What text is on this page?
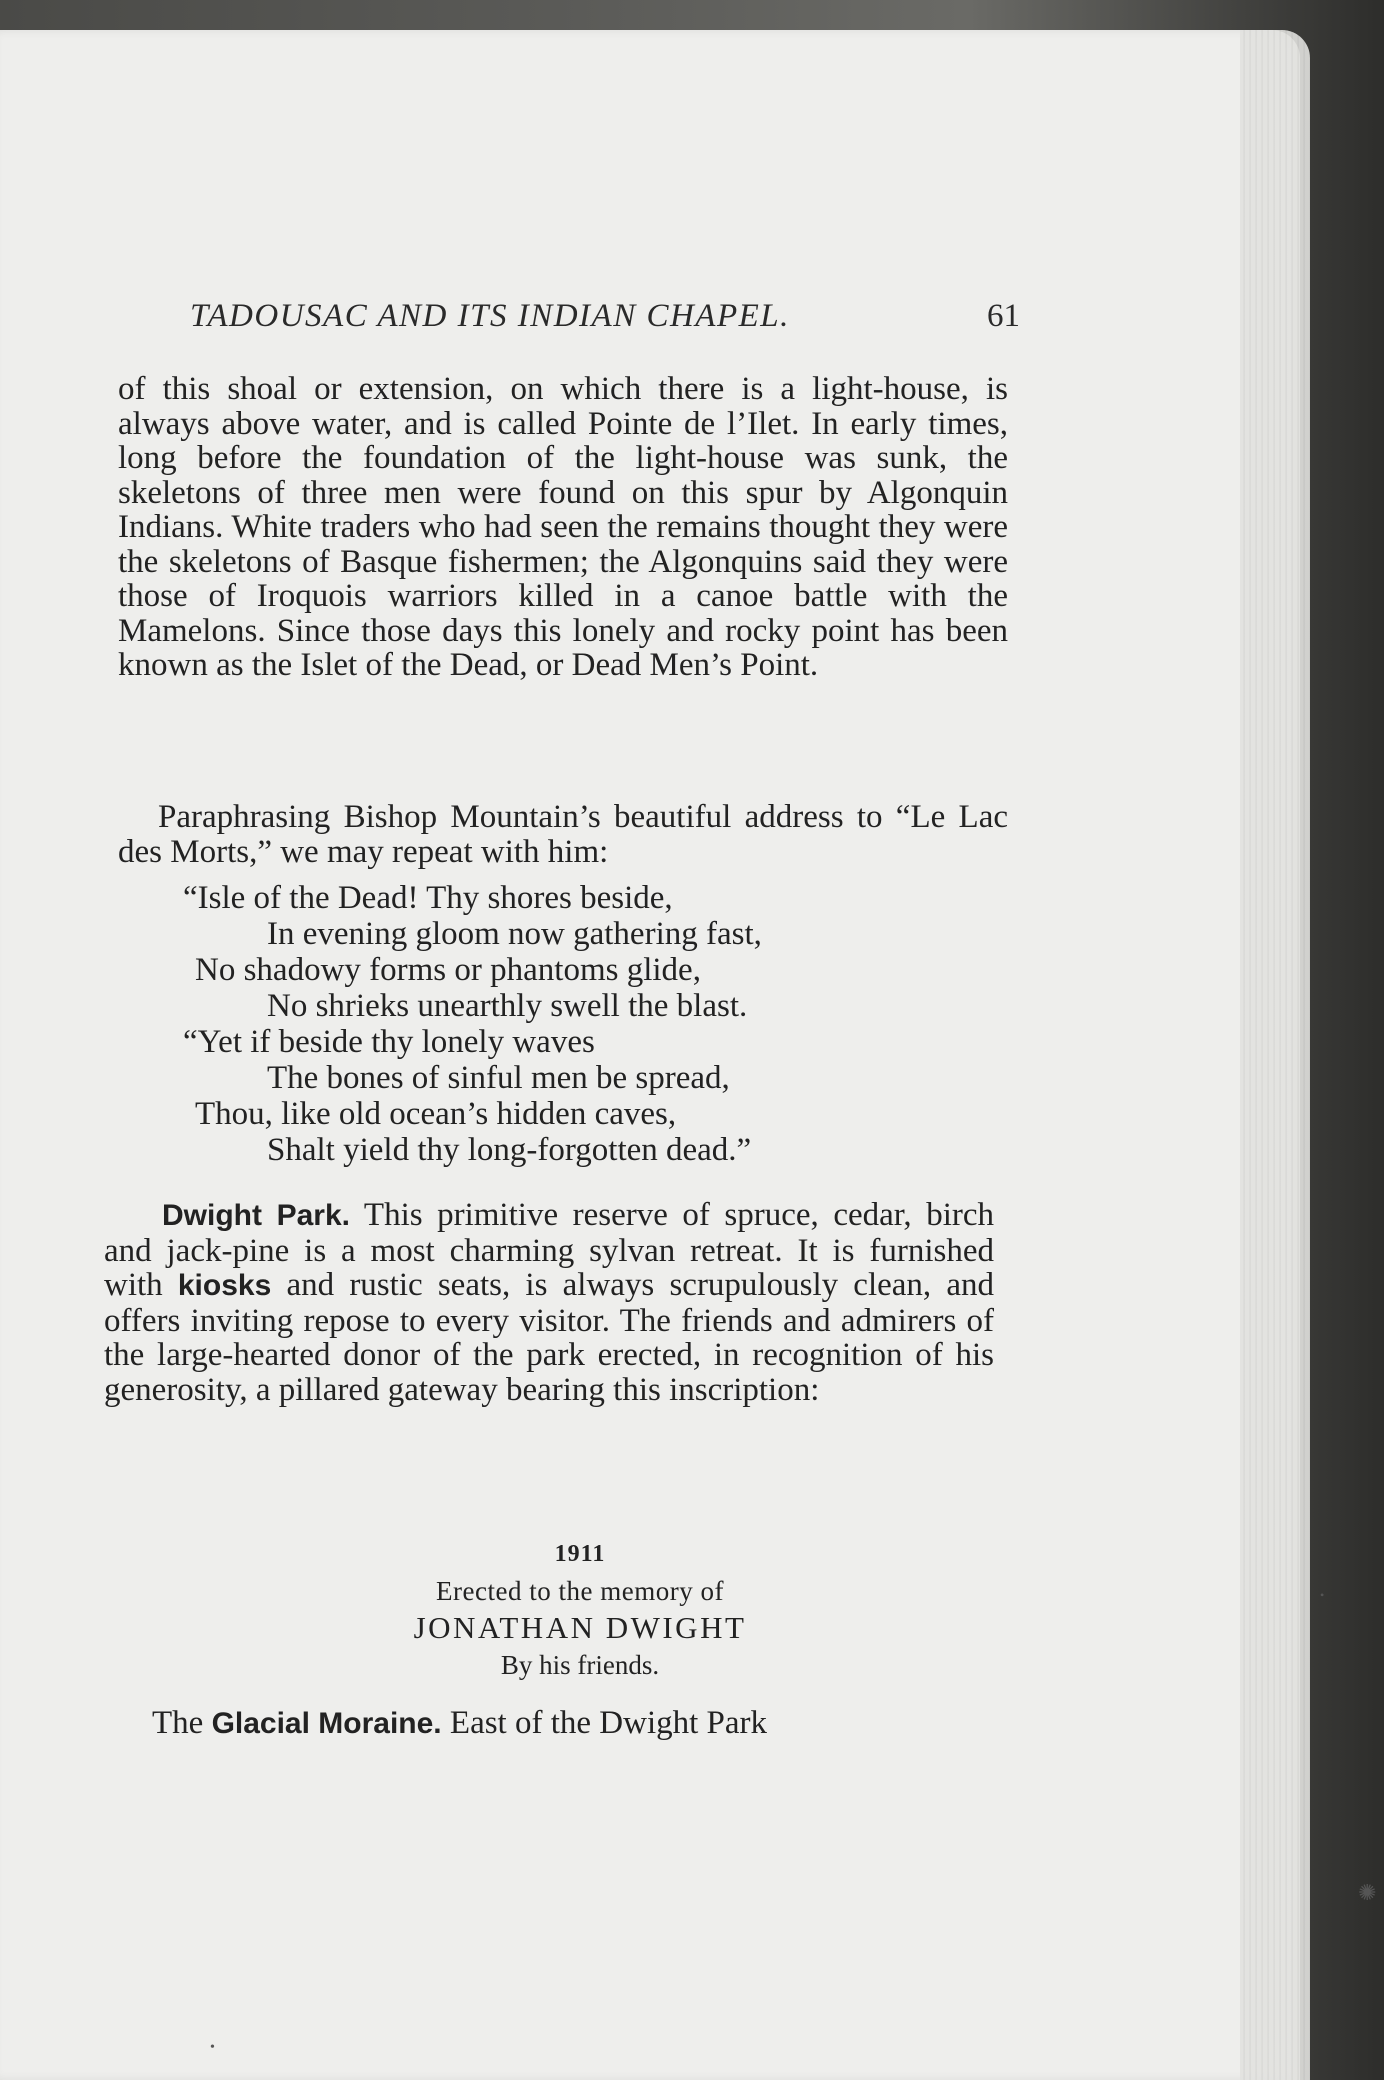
TADOUSAC AND ITS INDIAN CHAPEL.	61
of this shoal or extension, on which there is a light-house, is always above water, and is called Pointe de l’Ilet. In early times, long before the foundation of the light-house was sunk, the skeletons of three men were found on this spur by Algonquin Indians. White traders who had seen the remains thought they were the skeletons of Basque fishermen; the Algonquins said they were those of Iroquois warriors killed in a canoe battle with the Mamelons. Since those days this lonely and rocky point has been known as the Islet of the Dead, or Dead Men’s Point.
Paraphrasing Bishop Mountain’s beautiful address to “Le Lac des Morts,” we may repeat with him:
“Isle of the Dead! Thy shores beside,
In evening gloom now gathering fast,
No shadowy forms or phantoms glide,
No shrieks unearthly swell the blast.
“Yet if beside thy lonely waves
The bones of sinful men be spread,
Thou, like old ocean’s hidden caves,
Shalt yield thy long-forgotten dead.”
Dwight Park. This primitive reserve of spruce, cedar, birch and jack-pine is a most charming sylvan retreat. It is furnished with kiosks and rustic seats, is always scrupulously clean, and offers inviting repose to every visitor. The friends and admirers of the large-hearted donor of the park erected, in recognition of his generosity, a pillared gateway bearing this inscription:
1911
Erected to the memory of
JONATHAN DWIGHT
By his friends.
The Glacial Moraine. East of the Dwight Park
✺
•
•
